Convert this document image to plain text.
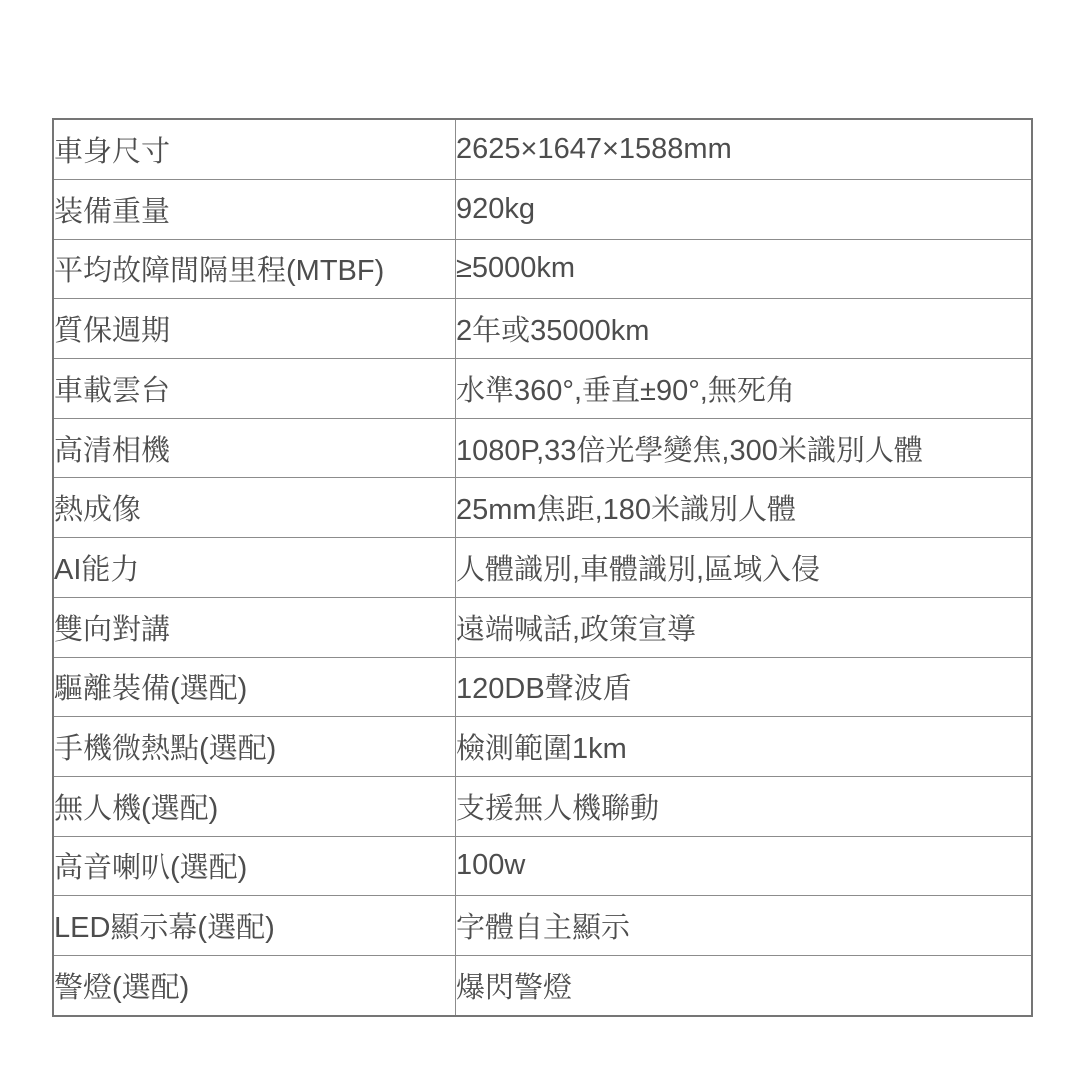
車身尺寸	2625×1647×1588mm
装備重量	920kg
平均故障間隔里程(MTBF)	≥5000km
質保週期	2年或35000km
車載雲台	水準360°,垂直±90°,無死角
高清相機	1080P,33倍光學變焦,300米識別人體
熱成像	25mm焦距,180米識別人體
AI能力	人體識別,車體識別,區域入侵
雙向對講	遠端喊話,政策宣導
驅離裝備(選配)	120DB聲波盾
手機微熱點(選配)	檢測範圍1km
無人機(選配)	支援無人機聯動
高音喇叭(選配)	100w
LED顯示幕(選配)	字體自主顯示
警燈(選配)	爆閃警燈
